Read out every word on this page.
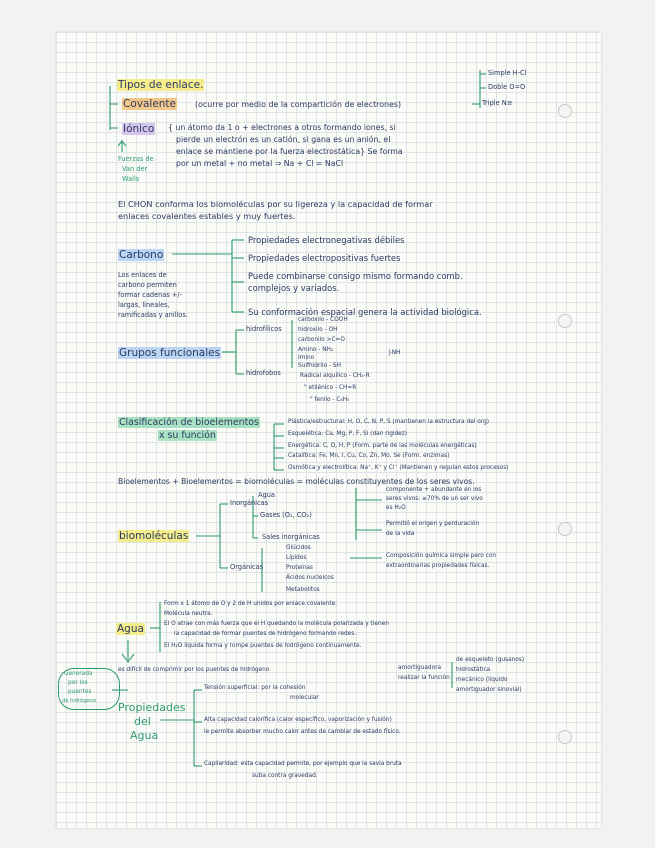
Tipos de enlace.
Simple H-Cl
Doble O=O
Triple N≡
Covalente (ocurre por medio de la compartición de electrones)
Iónico { un átomo da 1 o + electrones a otros formando iones, si
pierde un electrón es un catión, si gana es un anión, el
enlace se mantiene por la fuerza electrostática} Se forma
por un metal + no metal ⇒ Na + Cl = NaCl
Fuerzas de
Van der
Walls
El CHON conforma los biomoléculas por su ligereza y la capacidad de formar
enlaces covalentes estables y muy fuertes.
Carbono
Los enlaces de
carbono permiten
formar cadenas +/-
largas, lineales,
ramificadas y anillos.
Propiedades electronegativas débiles
Propiedades electropositivas fuertes
Puede combinarse consigo mismo formando comb.
complejos y variados.
Su conformación espacial genera la actividad biológica.
Grupos funcionales
hidrofílicos
hidrofobos
carboxilo - COOH
hidroxilo - OH
carbonilo >C=O
Amino - NH₂
Imino
Sulfhidrilo - SH
}NH
Radical alquílico - CH₂-R
" etilénico - CH=R
" fenilo - C₆H₅
Clasificación de bioelementos
x su función
Plástica/estructural: H, O, C, N, P, S (mantienen la estructura del org)
Esquelética: Ca, Mg, P, F, Si (dan rigidez)
Energética: C, O, H, P (Form. parte de las moléculas energéticas)
Catalítica: Fe, Mn, I, Cu, Co, Zn, Mo, Se (Form. enzimas)
Osmótica y electrolítica: Na⁺, K⁺ y Cl⁻ (Mantienen y regulan estos procesos)
Bioelementos + Bioelementos = biomoléculas = moléculas constituyentes de los seres vivos.
biomoléculas
Inorgánicas
Agua
Gases (O₂, CO₂)
Sales inorgánicas
componente + abundante en los
seres vivos: ≥70% de un ser vivo
es H₂O
Permitió el origen y perduración
de la vida
Orgánicas
Glúcidos
Lípidos
Proteínas
Ácidos nucleicos
Metabolitos
Composición química simple pero con
extraordinarias propiedades físicas.
Agua
Form x 1 átomo de O y 2 de H unidos por enlace covalente.
Molécula neutra.
El O atrae con más fuerza que el H quedando la molécula polarizada y tienen
la capacidad de formar puentes de hidrógeno formando redes.
El H₂O líquida forma y rompe puentes de hidrógeno continuamente.
es difícil de comprimir por los puentes de hidrógeno	amortiguadora
realizar la función
de esqueleto (gusanos)
hidrostática
mecánico (líquido
amortiguador sinovial)
Generada
por los
puentes
de hidrógeno Propiedades
del
Agua
Tensión superficial: por la cohesión
molecular
Alta capacidad calorífica (calor específico, vaporización y fusión)
le permite absorber mucho calor antes de cambiar de estado físico.
Capilaridad: esta capacidad permite, por ejemplo que la savia bruta
suba contra gravedad.
